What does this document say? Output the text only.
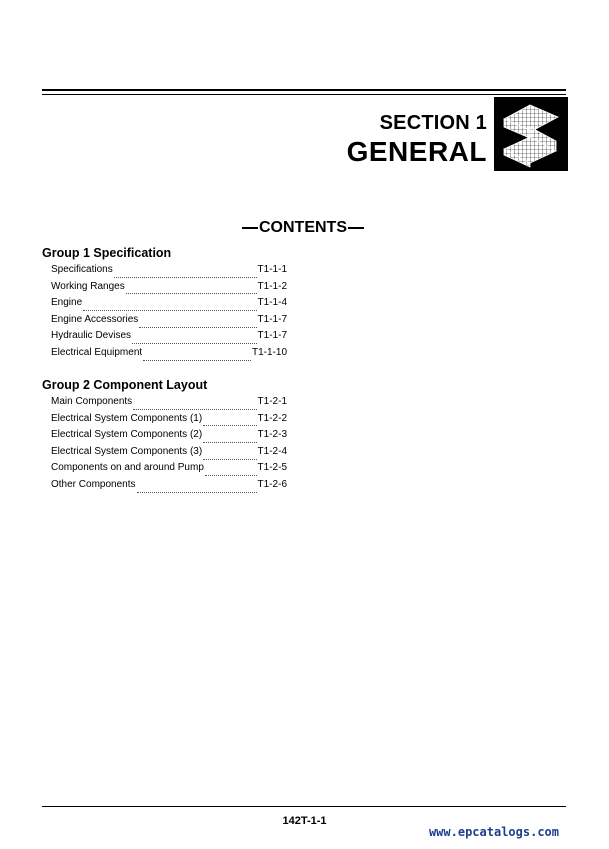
SECTION 1
GENERAL
CONTENTS
Group 1 Specification
Specifications	T1-1-1
Working Ranges	T1-1-2
Engine	T1-1-4
Engine Accessories	T1-1-7
Hydraulic Devises	T1-1-7
Electrical Equipment	T1-1-10
Group 2 Component Layout
Main Components	T1-2-1
Electrical System Components (1)	T1-2-2
Electrical System Components (2)	T1-2-3
Electrical System Components (3)	T1-2-4
Components on and around Pump	T1-2-5
Other Components	T1-2-6
142T-1-1
www.epcatalogs.com
